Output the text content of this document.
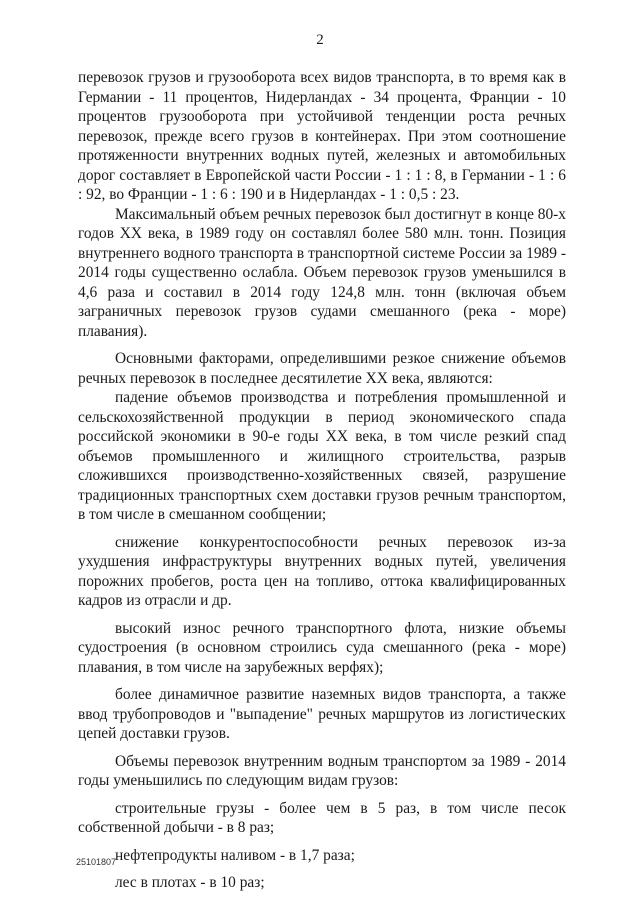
2

перевозок грузов и грузооборота всех видов транспорта, в то время как в Германии - 11 процентов, Нидерландах - 34 процента, Франции - 10 процентов грузооборота при устойчивой тенденции роста речных перевозок, прежде всего грузов в контейнерах. При этом соотношение протяженности внутренних водных путей, железных и автомобильных дорог составляет в Европейской части России - 1 : 1 : 8, в Германии - 1 : 6 : 92, во Франции - 1 : 6 : 190 и в Нидерландах - 1 : 0,5 : 23.

Максимальный объем речных перевозок был достигнут в конце 80-х годов XX века, в 1989 году он составлял более 580 млн. тонн. Позиция внутреннего водного транспорта в транспортной системе России за 1989 - 2014 годы существенно ослабла. Объем перевозок грузов уменьшился в 4,6 раза и составил в 2014 году 124,8 млн. тонн (включая объем заграничных перевозок грузов судами смешанного (река - море) плавания).

Основными факторами, определившими резкое снижение объемов речных перевозок в последнее десятилетие XX века, являются:

падение объемов производства и потребления промышленной и сельскохозяйственной продукции в период экономического спада российской экономики в 90-е годы XX века, в том числе резкий спад объемов промышленного и жилищного строительства, разрыв сложившихся производственно-хозяйственных связей, разрушение традиционных транспортных схем доставки грузов речным транспортом, в том числе в смешанном сообщении;

снижение конкурентоспособности речных перевозок из-за ухудшения инфраструктуры внутренних водных путей, увеличения порожних пробегов, роста цен на топливо, оттока квалифицированных кадров из отрасли и др.

высокий износ речного транспортного флота, низкие объемы судостроения (в основном строились суда смешанного (река - море) плавания, в том числе на зарубежных верфях);

более динамичное развитие наземных видов транспорта, а также ввод трубопроводов и "выпадение" речных маршрутов из логистических цепей доставки грузов.

Объемы перевозок внутренним водным транспортом за 1989 - 2014 годы уменьшились по следующим видам грузов:

строительные грузы - более чем в 5 раз, в том числе песок собственной добычи - в 8 раз;

нефтепродукты наливом - в 1,7 раза;

лес в плотах - в 10 раз;

25101807
